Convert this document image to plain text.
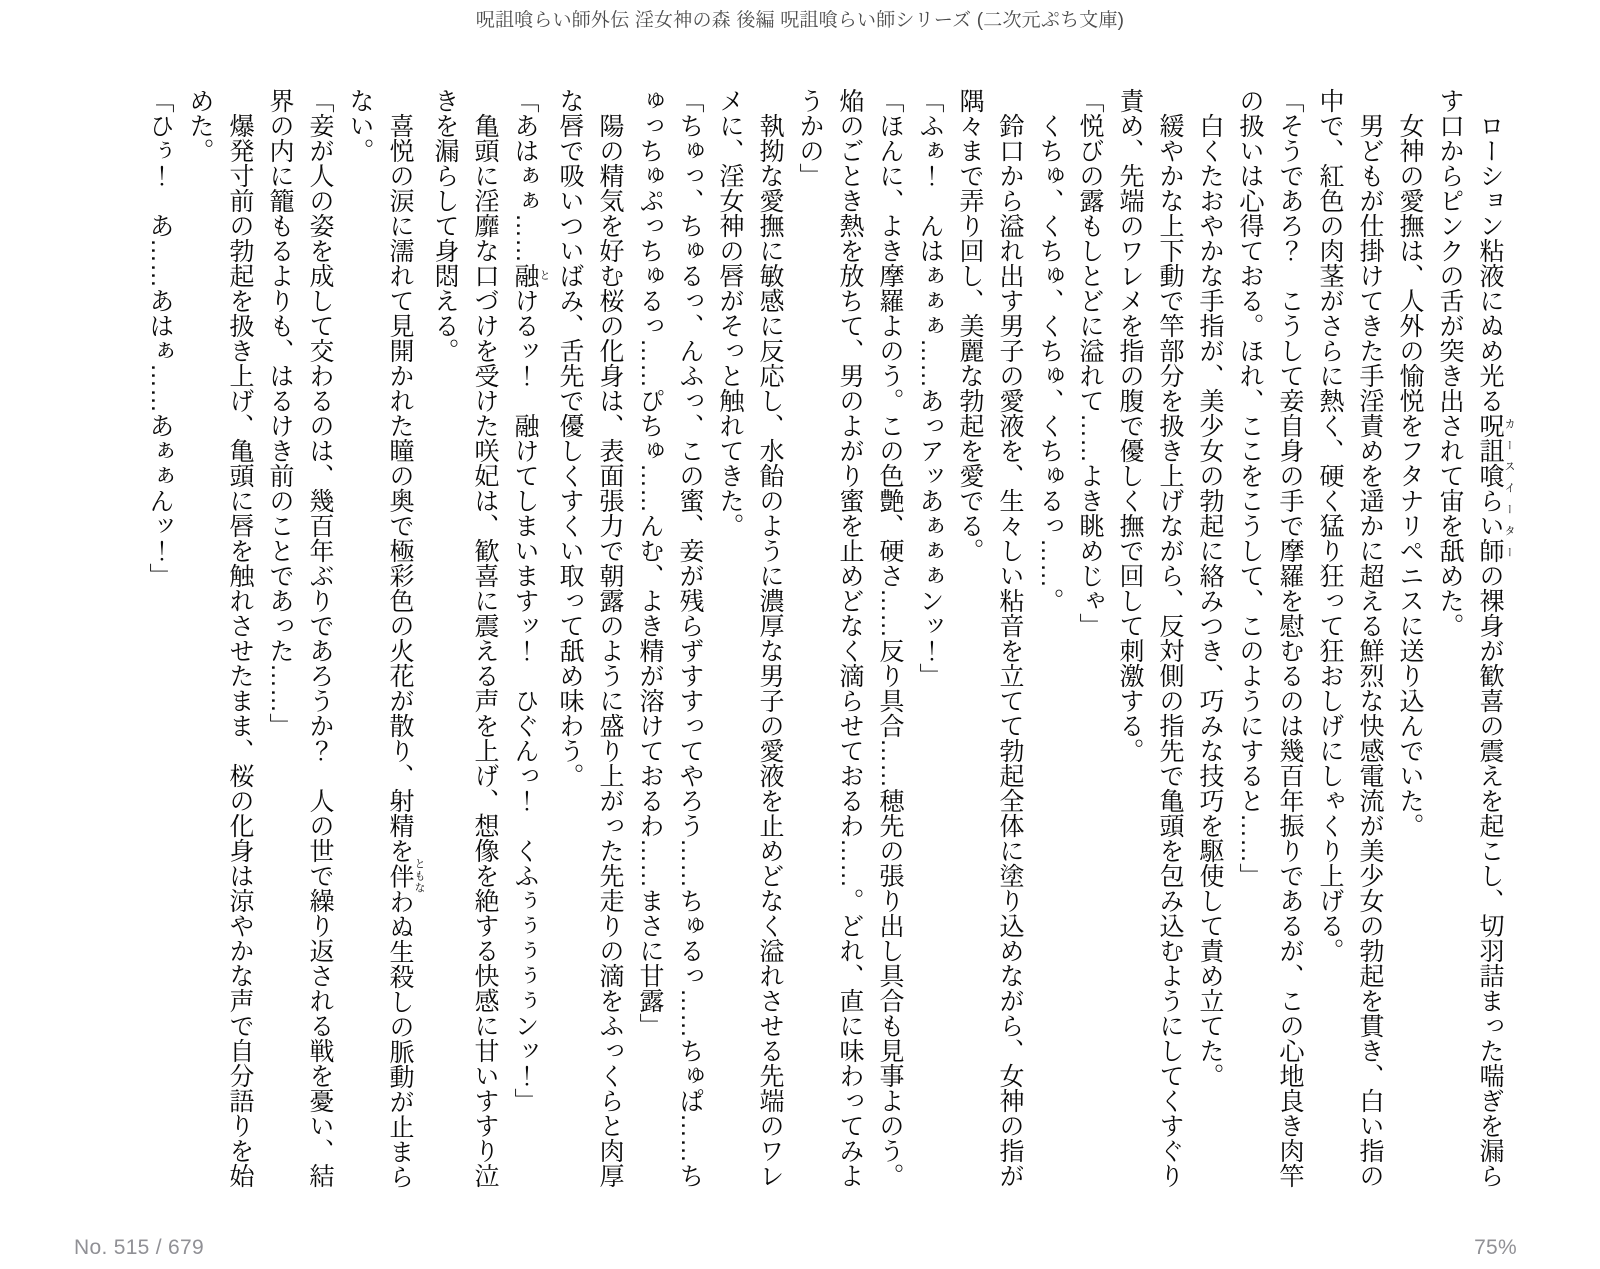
呪詛喰らい師外伝 淫女神の森 後編 呪詛喰らい師シリーズ (二次元ぷち文庫)

ローション粘液にぬめ光る呪詛喰らい師 カースイーターの裸身が歓喜の震えを起こし、切羽詰まった喘ぎを漏らす口からピンクの舌が突き出されて宙を舐めた。

女神の愛撫は、人外の愉悦をフタナリペニスに送り込んでいた。

男どもが仕掛けてきた手淫責めを遥かに超える鮮烈な快感電流が美少女の勃起を貫き、白い指の中で、紅色の肉茎がさらに熱く、硬く猛り狂って狂おしげにしゃくり上げる。

「そうであろ？　こうして妾自身の手で摩羅を慰むるのは幾百年振りであるが、この心地良き肉竿の扱いは心得ておる。ほれ、ここをこうして、このようにすると……」

白くたおやかな手指が、美少女の勃起に絡みつき、巧みな技巧を駆使して責め立てた。

緩やかな上下動で竿部分を扱き上げながら、反対側の指先で亀頭を包み込むようにしてくすぐり責め、先端のワレメを指の腹で優しく撫で回して刺激する。

「悦びの露もしとどに溢れて……よき眺めじゃ」

くちゅ、くちゅ、くちゅ、くちゅるっ……。

鈴口から溢れ出す男子の愛液を、生々しい粘音を立てて勃起全体に塗り込めながら、女神の指が隅々まで弄り回し、美麗な勃起を愛でる。

「ふぁ！　んはぁぁぁ……あっアッあぁぁぁンッ！」

「ほんに、よき摩羅よのう。この色艶、硬さ……反り具合……穂先の張り出し具合も見事よのう。焔のごとき熱を放ちて、男のよがり蜜を止めどなく滴らせておるわ……。どれ、直に味わってみようかの」

執拗な愛撫に敏感に反応し、水飴のように濃厚な男子の愛液を止めどなく溢れさせる先端のワレメに、淫女神の唇がそっと触れてきた。

「ちゅっ、ちゅるっ、んふっ、この蜜、妾が残らずすすってやろう……ちゅるっ……ちゅぱ……ちゅっちゅぷっちゅるっ……ぴちゅ……んむ、よき精が溶けておるわ……まさに甘露」

陽の精気を好む桜の化身は、表面張力で朝露のように盛り上がった先走りの滴をふっくらと肉厚な唇で吸いついばみ、舌先で優しくすくい取って舐め味わう。

「あはぁぁ……融 とけるッ！　融けてしまいますッ！　ひぐんっ！　くふぅぅぅぅぅンッ！」

亀頭に淫靡な口づけを受けた咲妃は、歓喜に震える声を上げ、想像を絶する快感に甘いすすり泣きを漏らして身悶える。

喜悦の涙に濡れて見開かれた瞳の奥で極彩色の火花が散り、射精を伴 ともなわぬ生殺しの脈動が止まらない。

「妾が人の姿を成して交わるのは、幾百年ぶりであろうか？　人の世で繰り返される戦を憂い、結界の内に籠もるよりも、はるけき前のことであった……」

爆発寸前の勃起を扱き上げ、亀頭に唇を触れさせたまま、桜の化身は涼やかな声で自分語りを始めた。

「ひぅ！　あ……あはぁ……あぁぁんッ！」

No. 515 / 679	75%
